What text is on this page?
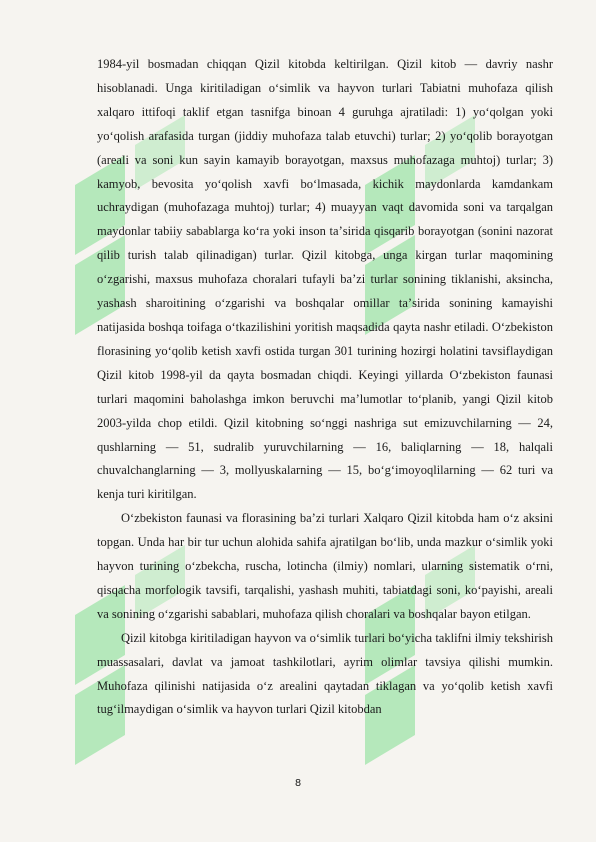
1984-yil bosmadan chiqqan Qizil kitobda keltirilgan. Qizil kitob — davriy nashr hisoblanadi. Unga kiritiladigan oʻsimlik va hayvon turlari Tabiatni muhofaza qilish xalqaro ittifoqi taklif etgan tasnifga binoan 4 guruhga ajratiladi: 1) yoʻqolgan yoki yoʻqolish arafasida turgan (jiddiy muhofaza talab etuvchi) turlar; 2) yoʻqolib borayotgan (areali va soni kun sayin kamayib borayotgan, maxsus muhofazaga muhtoj) turlar; 3) kamyob, bevosita yoʻqolish xavfi boʻlmasada, kichik maydonlarda kamdankam uchraydigan (muhofazaga muhtoj) turlar; 4) muayyan vaqt davomida soni va tarqalgan maydonlar tabiiy sabablarga koʻra yoki inson taʼsirida qisqarib borayotgan (sonini nazorat qilib turish talab qilinadigan) turlar. Qizil kitobga, unga kirgan turlar maqomining oʻzgarishi, maxsus muhofaza choralari tufayli baʼzi turlar sonining tiklanishi, aksincha, yashash sharoitining oʻzgarishi va boshqalar omillar taʼsirida sonining kamayishi natijasida boshqa toifaga oʻtkazilishini yoritish maqsadida qayta nashr etiladi. Oʻzbekiston florasining yoʻqolib ketish xavfi ostida turgan 301 turining hozirgi holatini tavsiflaydigan Qizil kitob 1998-yil da qayta bosmadan chiqdi. Keyingi yillarda Oʻzbekiston faunasi turlari maqomini baholashga imkon beruvchi maʼlumotlar toʻplanib, yangi Qizil kitob 2003-yilda chop etildi. Qizil kitobning soʻnggi nashriga sut emizuvchilarning — 24, qushlarning — 51, sudralib yuruvchilarning — 16, baliqlarning — 18, halqali chuvalchanglarning — 3, mollyuskalarning — 15, boʻgʻimoyoqlilarning — 62 turi va kenja turi kiritilgan.

Oʻzbekiston faunasi va florasining baʼzi turlari Xalqaro Qizil kitobda ham oʻz aksini topgan. Unda har bir tur uchun alohida sahifa ajratilgan boʻlib, unda mazkur oʻsimlik yoki hayvon turining oʻzbekcha, ruscha, lotincha (ilmiy) nomlari, ularning sistematik oʻrni, qisqacha morfologik tavsifi, tarqalishi, yashash muhiti, tabiatdagi soni, koʻpayishi, areali va sonining oʻzgarishi sabablari, muhofaza qilish choralari va boshqalar bayon etilgan.

Qizil kitobga kiritiladigan hayvon va oʻsimlik turlari boʻyicha taklifni ilmiy tekshirish muassasalari, davlat va jamoat tashkilotlari, ayrim olimlar tavsiya qilishi mumkin. Muhofaza qilinishi natijasida oʻz arealini qaytadan tiklagan va yoʻqolib ketish xavfi tugʻilmaydigan oʻsimlik va hayvon turlari Qizil kitobdan

8
